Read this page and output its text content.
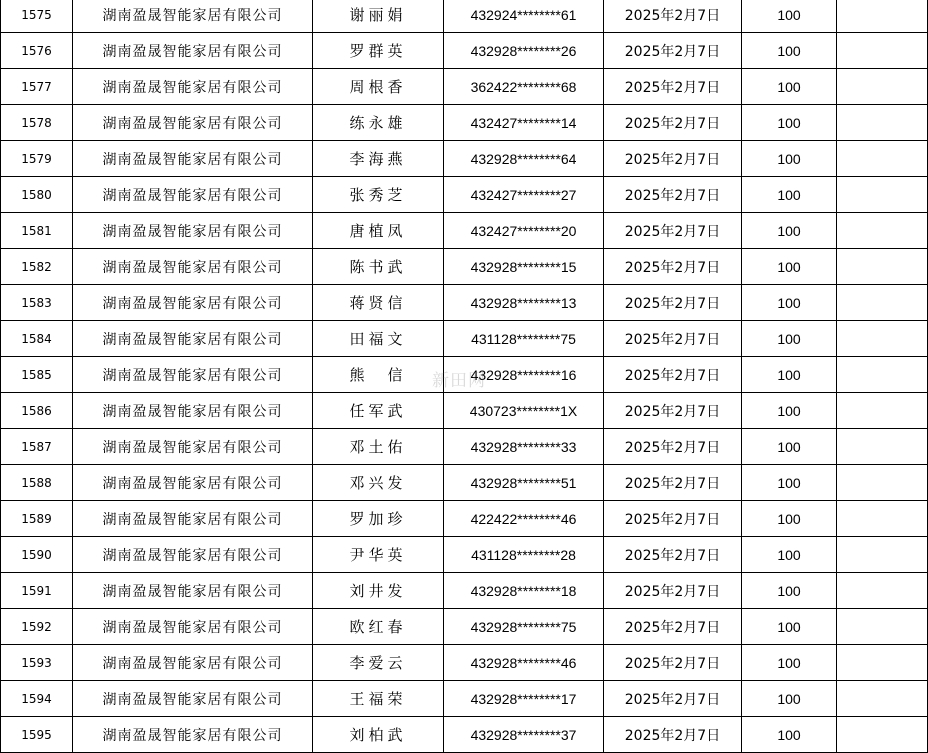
1575	湖南盈晟智能家居有限公司	谢丽娟	432924********61	2025年2月7日	100	
1576	湖南盈晟智能家居有限公司	罗群英	432928********26	2025年2月7日	100	
1577	湖南盈晟智能家居有限公司	周根香	362422********68	2025年2月7日	100	
1578	湖南盈晟智能家居有限公司	练永雄	432427********14	2025年2月7日	100	
1579	湖南盈晟智能家居有限公司	李海燕	432928********64	2025年2月7日	100	
1580	湖南盈晟智能家居有限公司	张秀芝	432427********27	2025年2月7日	100	
1581	湖南盈晟智能家居有限公司	唐植凤	432427********20	2025年2月7日	100	
1582	湖南盈晟智能家居有限公司	陈书武	432928********15	2025年2月7日	100	
1583	湖南盈晟智能家居有限公司	蒋贤信	432928********13	2025年2月7日	100	
1584	湖南盈晟智能家居有限公司	田福文	431128********75	2025年2月7日	100	
1585	湖南盈晟智能家居有限公司	熊　信	432928********16	2025年2月7日	100	
1586	湖南盈晟智能家居有限公司	任军武	430723********1X	2025年2月7日	100	
1587	湖南盈晟智能家居有限公司	邓土佑	432928********33	2025年2月7日	100	
1588	湖南盈晟智能家居有限公司	邓兴发	432928********51	2025年2月7日	100	
1589	湖南盈晟智能家居有限公司	罗加珍	422422********46	2025年2月7日	100	
1590	湖南盈晟智能家居有限公司	尹华英	431128********28	2025年2月7日	100	
1591	湖南盈晟智能家居有限公司	刘井发	432928********18	2025年2月7日	100	
1592	湖南盈晟智能家居有限公司	欧红春	432928********75	2025年2月7日	100	
1593	湖南盈晟智能家居有限公司	李爱云	432928********46	2025年2月7日	100	
1594	湖南盈晟智能家居有限公司	王福荣	432928********17	2025年2月7日	100	
1595	湖南盈晟智能家居有限公司	刘柏武	432928********37	2025年2月7日	100	
新田网
